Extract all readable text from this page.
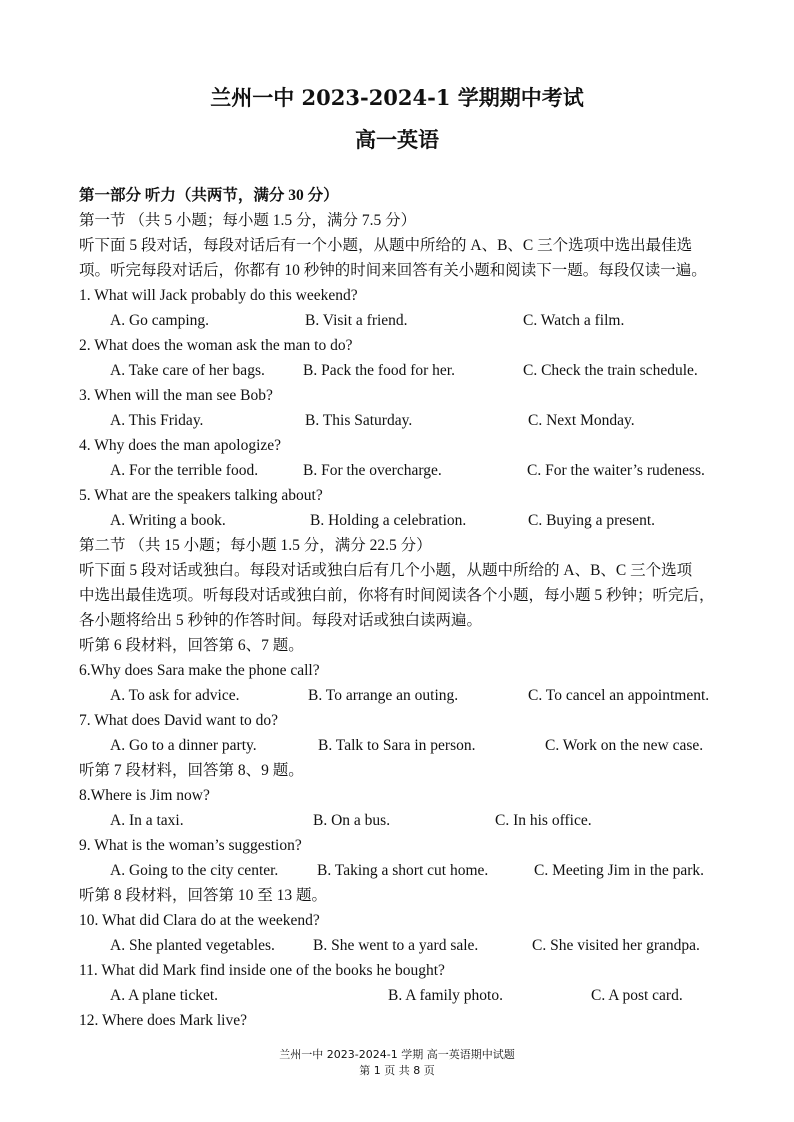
兰州一中 2023-2024-1 学期期中考试
高一英语
第一部分 听力（共两节，满分 30 分）
第一节 （共 5 小题；每小题 1.5 分，满分 7.5 分）
听下面 5 段对话，每段对话后有一个小题，从题中所给的 A、B、C 三个选项中选出最佳选
项。听完每段对话后，你都有 10 秒钟的时间来回答有关小题和阅读下一题。每段仅读一遍。
1. What will Jack probably do this weekend?
A. Go camping.	B. Visit a friend.	C. Watch a film.
2. What does the woman ask the man to do?
A. Take care of her bags. B. Pack the food for her.	C. Check the train schedule.
3. When will the man see Bob?
A. This Friday.	B. This Saturday.	C. Next Monday.
4. Why does the man apologize?
A. For the terrible food.	B. For the overcharge.	C. For the waiter’s rudeness.
5. What are the speakers talking about?
A. Writing a book.	B. Holding a celebration.	C. Buying a present.
第二节 （共 15 小题；每小题 1.5 分，满分 22.5 分）
听下面 5 段对话或独白。每段对话或独白后有几个小题，从题中所给的 A、B、C 三个选项
中选出最佳选项。听每段对话或独白前，你将有时间阅读各个小题，每小题 5 秒钟；听完后，
各小题将给出 5 秒钟的作答时间。每段对话或独白读两遍。
听第 6 段材料，回答第 6、7 题。
6.Why does Sara make the phone call?
A. To ask for advice.	B. To arrange an outing.	C. To cancel an appointment.
7. What does David want to do?
A. Go to a dinner party.	B. Talk to Sara in person.	C. Work on the new case.
听第 7 段材料，回答第 8、9 题。
8.Where is Jim now?
A. In a taxi.	B. On a bus.	C. In his office.
9. What is the woman’s suggestion?
A. Going to the city center. B. Taking a short cut home.	C. Meeting Jim in the park.
听第 8 段材料，回答第 10 至 13 题。
10. What did Clara do at the weekend?
A. She planted vegetables. B. She went to a yard sale.	C. She visited her grandpa.
11. What did Mark find inside one of the books he bought?
A. A plane ticket.	B. A family photo.	C. A post card.
12. Where does Mark live?
兰州一中 2023-2024-1 学期 高一英语期中试题
第 1 页 共 8 页
